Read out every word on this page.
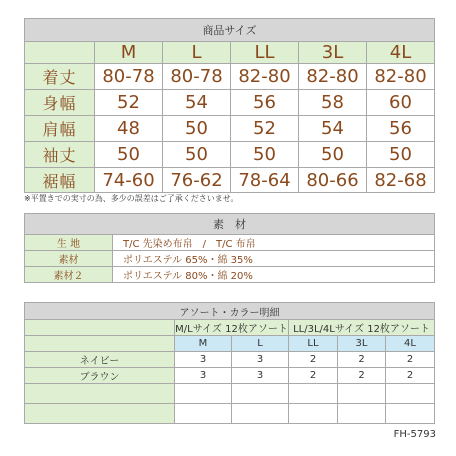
商品サイズ					
	M	L	LL	3L	4L
着丈	80-78	80-78	82-80	82-80	82-80
身幅	52	54	56	58	60
肩幅	48	50	52	54	56
袖丈	50	50	50	50	50
裾幅	74-60	76-62	78-64	80-66	82-68
※平置きでの実寸の為、多少の誤差はご了承くださいませ。
素　材	
生 地	T/C 先染め布帛　/　T/C 布帛
素材	ポリエステル 65%・綿 35%
素材２	ポリエステル 80%・綿 20%
アソート・カラー明細					
	M/Lサイズ 12枚アソート		LL/3L/4Lサイズ 12枚アソート		
	M	L	LL	3L	4L
ネイビー	3	3	2	2	2
ブラウン	3	3	2	2	2

FH-5793
